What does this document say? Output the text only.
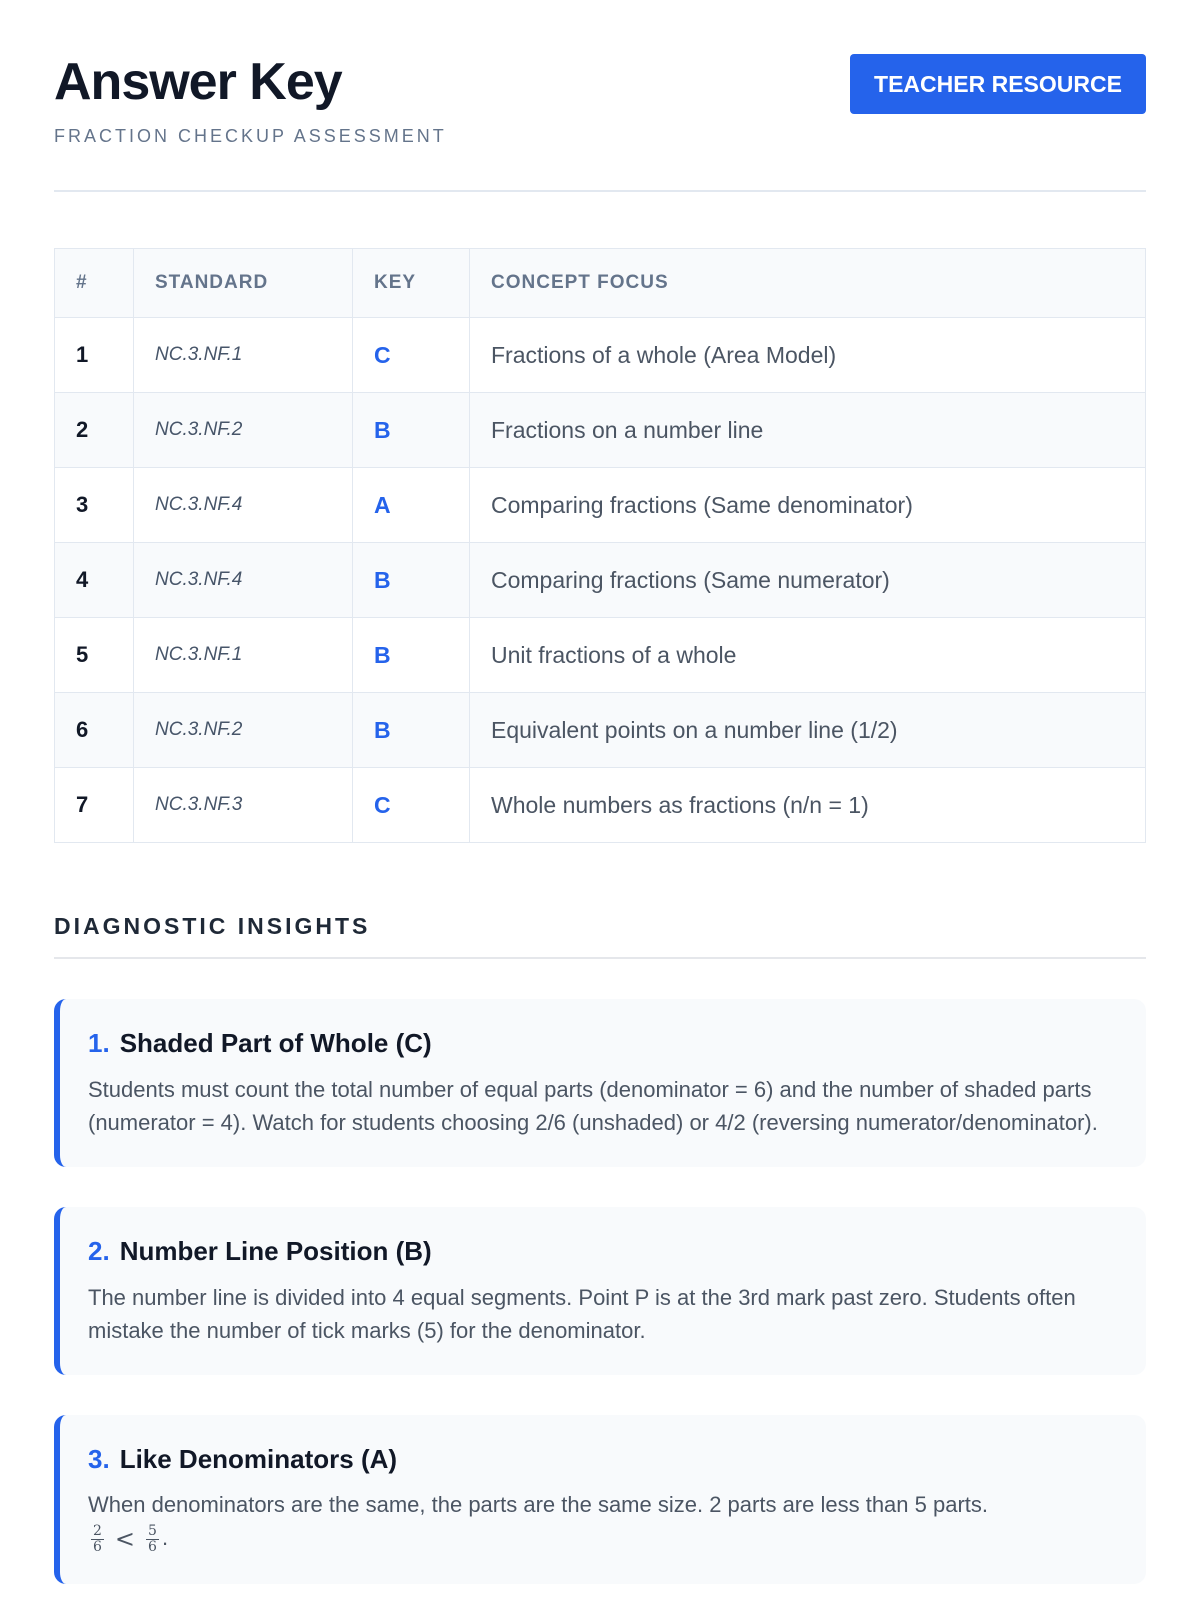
Answer Key
FRACTION CHECKUP ASSESSMENT
TEACHER RESOURCE
#	STANDARD	KEY	CONCEPT FOCUS
1	NC.3.NF.1	C	Fractions of a whole (Area Model)
2	NC.3.NF.2	B	Fractions on a number line
3	NC.3.NF.4	A	Comparing fractions (Same denominator)
4	NC.3.NF.4	B	Comparing fractions (Same numerator)
5	NC.3.NF.1	B	Unit fractions of a whole
6	NC.3.NF.2	B	Equivalent points on a number line (1/2)
7	NC.3.NF.3	C	Whole numbers as fractions (n/n = 1)
DIAGNOSTIC INSIGHTS
1. Shaded Part of Whole (C)

Students must count the total number of equal parts (denominator = 6) and the number of shaded parts (numerator = 4). Watch for students choosing 2/6 (unshaded) or 4/2 (reversing numerator/denominator).

2. Number Line Position (B)

The number line is divided into 4 equal segments. Point P is at the 3rd mark past zero. Students often mistake the number of tick marks (5) for the denominator.

3. Like Denominators (A)
When denominators are the same, the parts are the same size. 2 parts are less than 5 parts.

$\frac{2}{6} < \frac{5}{6}$ .
